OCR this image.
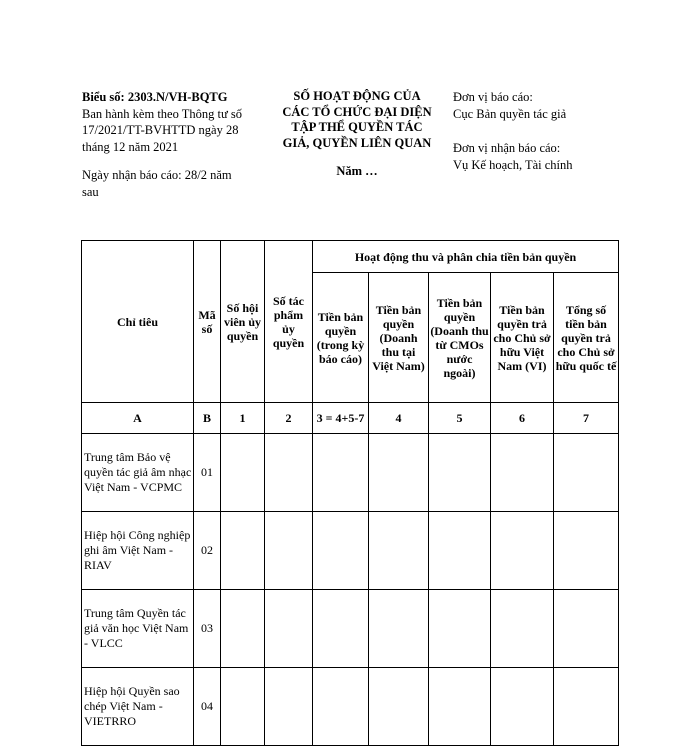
Biểu số: 2303.N/VH-BQTG
Ban hành kèm theo Thông tư số
17/2021/TT-BVHTTD ngày 28
tháng 12 năm 2021
Ngày nhận báo cáo: 28/2 năm
sau
SỐ HOẠT ĐỘNG CỦA
CÁC TỔ CHỨC ĐẠI DIỆN
TẬP THỂ QUYỀN TÁC
GIẢ, QUYỀN LIÊN QUAN
Năm …
Đơn vị báo cáo:
Cục Bản quyền tác giả
Đơn vị nhận báo cáo:
Vụ Kế hoạch, Tài chính
Chỉ tiêu	Mã số	Số hội viên ủy quyền	Số tác phẩm ủy quyền	Hoạt động thu và phân chia tiền bản quyền				
				Tiền bản quyền (trong kỳ báo cáo)	Tiền bản quyền (Doanh thu tại Việt Nam)	Tiền bản quyền (Doanh thu từ CMOs nước ngoài)	Tiền bản quyền trả cho Chủ sở hữu Việt Nam (VI)	Tổng số tiền bản quyền trả cho Chủ sở hữu quốc tế
A	B	1	2	3 = 4+5-7	4	5	6	7
Trung tâm Bảo vệ quyền tác giả âm nhạc Việt Nam - VCPMC	01							
Hiệp hội Công nghiệp ghi âm Việt Nam - RIAV	02							
Trung tâm Quyền tác giả văn học Việt Nam - VLCC	03							
Hiệp hội Quyền sao chép Việt Nam - VIETRRO	04							
